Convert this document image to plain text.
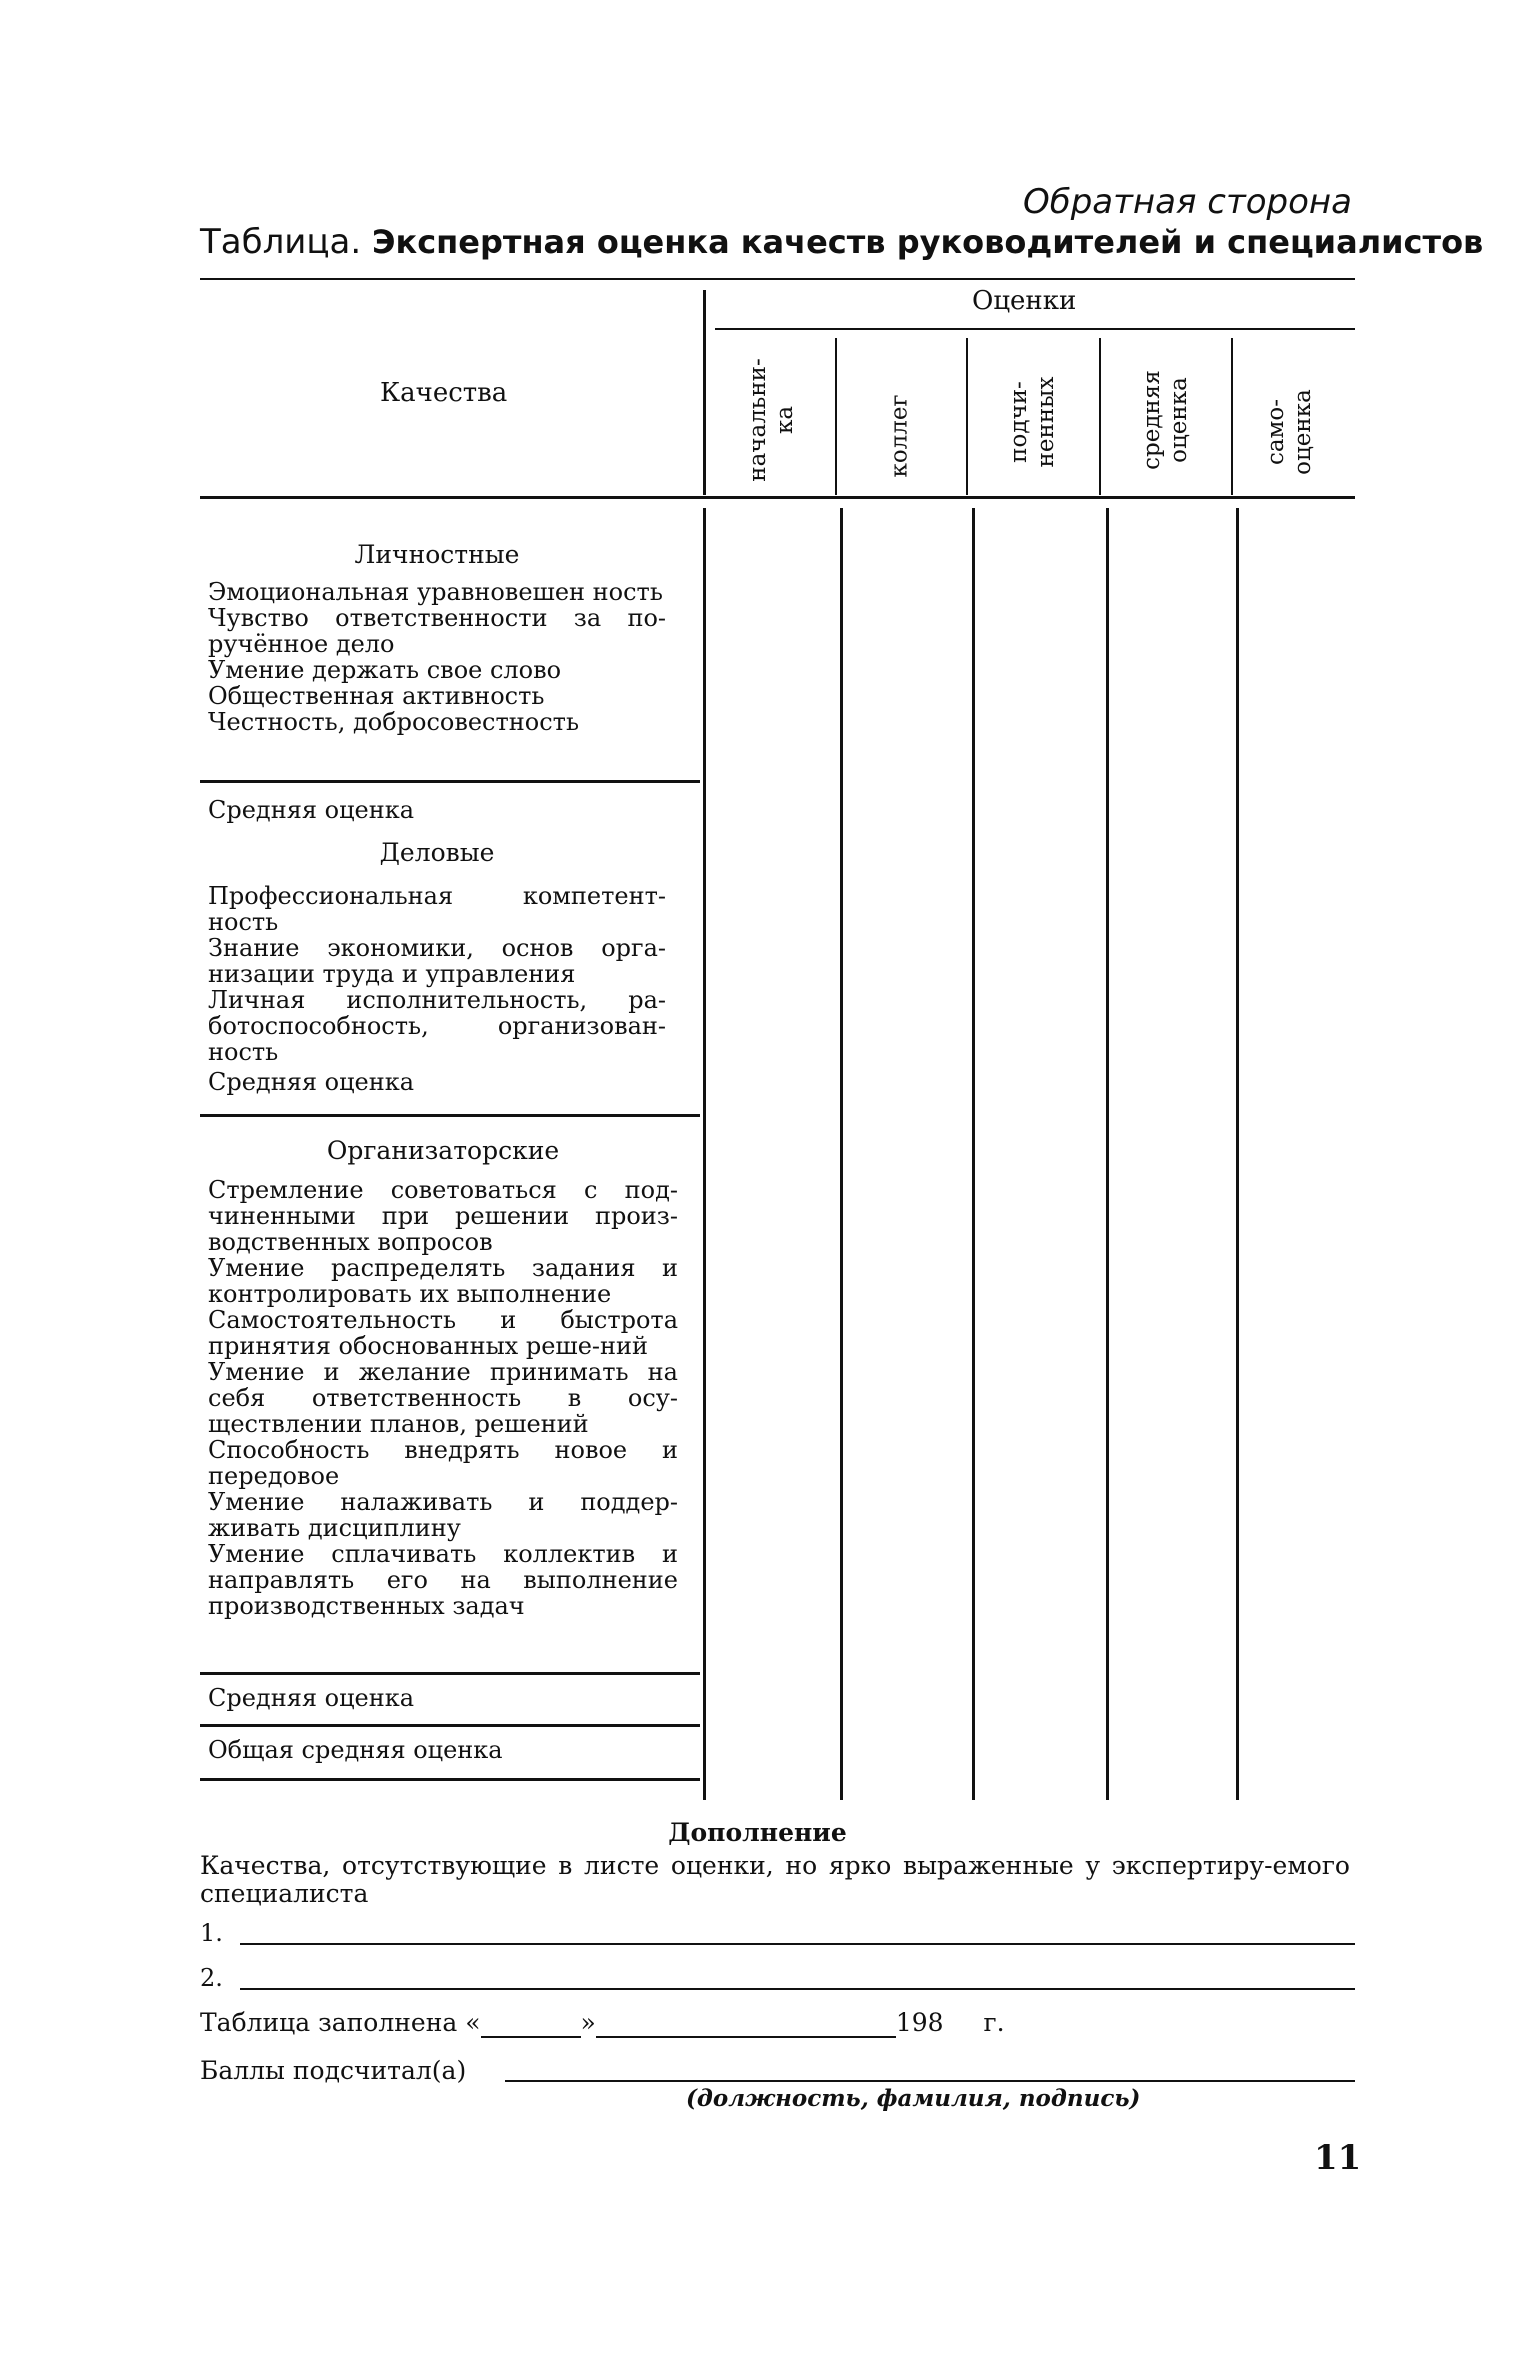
Обратная сторона
Таблица. Экспертная оценка качеств руководителей и специалистов
Качества
Оценки
начальни- ка	коллег	подчи- ненных	средняя оценка	само- оценка
Личностные
Эмоциональная уравновешен ность
Чувство ответственности за по-ручённое дело
Умение держать свое слово
Общественная активность
Честность, добросовестность
Средняя оценка
Деловые
Профессиональная компетент-ность
Знание экономики, основ орга-низации труда и управления
Личная исполнительность, ра-ботоспособность, организован-ность
Средняя оценка
Организаторские
Стремление советоваться с под-чиненными при решении произ-водственных вопросов
Умение распределять задания и контролировать их выполнение
Самостоятельность и быстрота принятия обоснованных реше-ний
Умение и желание принимать на себя ответственность в осу-ществлении планов, решений
Способность внедрять новое и передовое
Умение налаживать и поддер-живать дисциплину
Умение сплачивать коллектив и направлять его на выполнение производственных задач
Средняя оценка
Общая средняя оценка
Дополнение
Качества, отсутствующие в листе оценки, но ярко выраженные у экспертиру-емого специалиста
1.
2.
Таблица заполнена «	»	198 г.
Баллы подсчитал(а)
(должность, фамилия, подпись)
11
